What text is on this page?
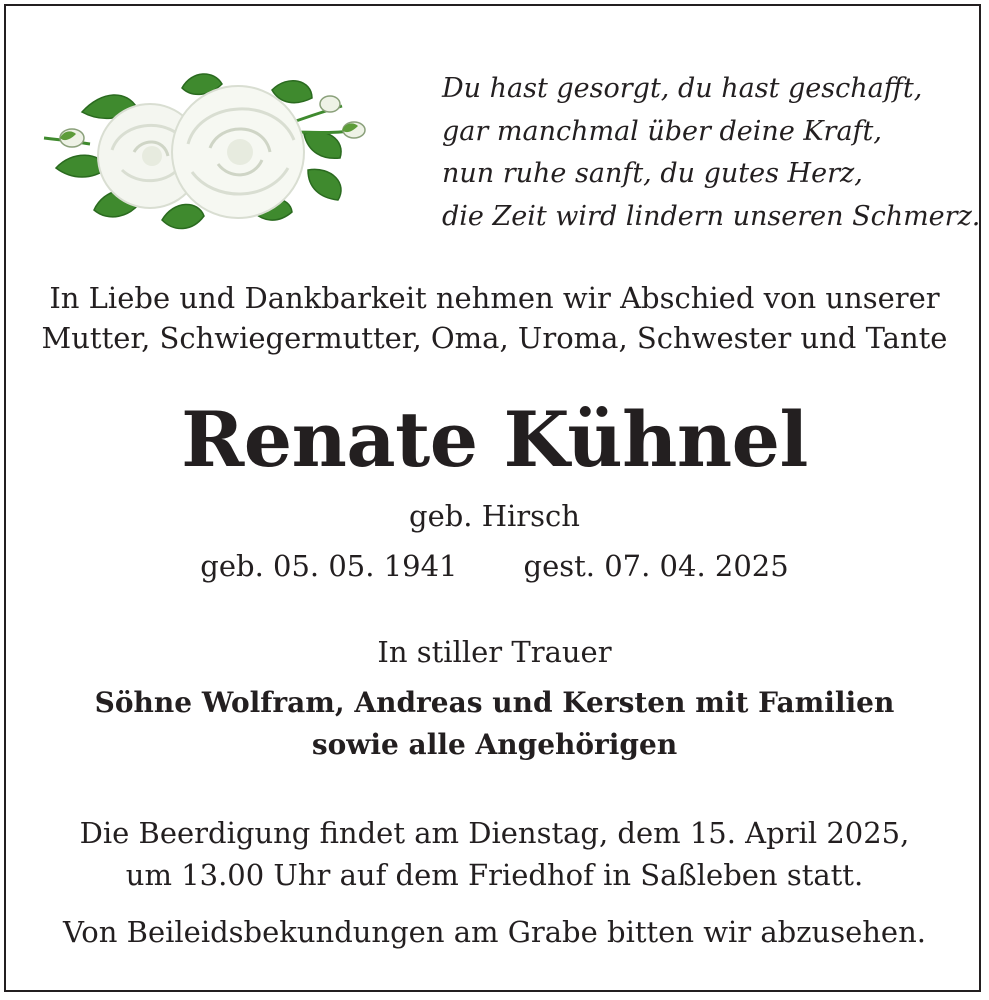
Du hast gesorgt, du hast geschafft,
gar manchmal über deine Kraft,
nun ruhe sanft, du gutes Herz,
die Zeit wird lindern unseren Schmerz.
In Liebe und Dankbarkeit nehmen wir Abschied von unserer
Mutter, Schwiegermutter, Oma, Uroma, Schwester und Tante
Renate Kühnel
geb. Hirsch
geb. 05. 05. 1941 gest. 07. 04. 2025
In stiller Trauer
Söhne Wolfram, Andreas und Kersten mit Familien
sowie alle Angehörigen
Die Beerdigung findet am Dienstag, dem 15. April 2025,
um 13.00 Uhr auf dem Friedhof in Saßleben statt.
Von Beileidsbekundungen am Grabe bitten wir abzusehen.
